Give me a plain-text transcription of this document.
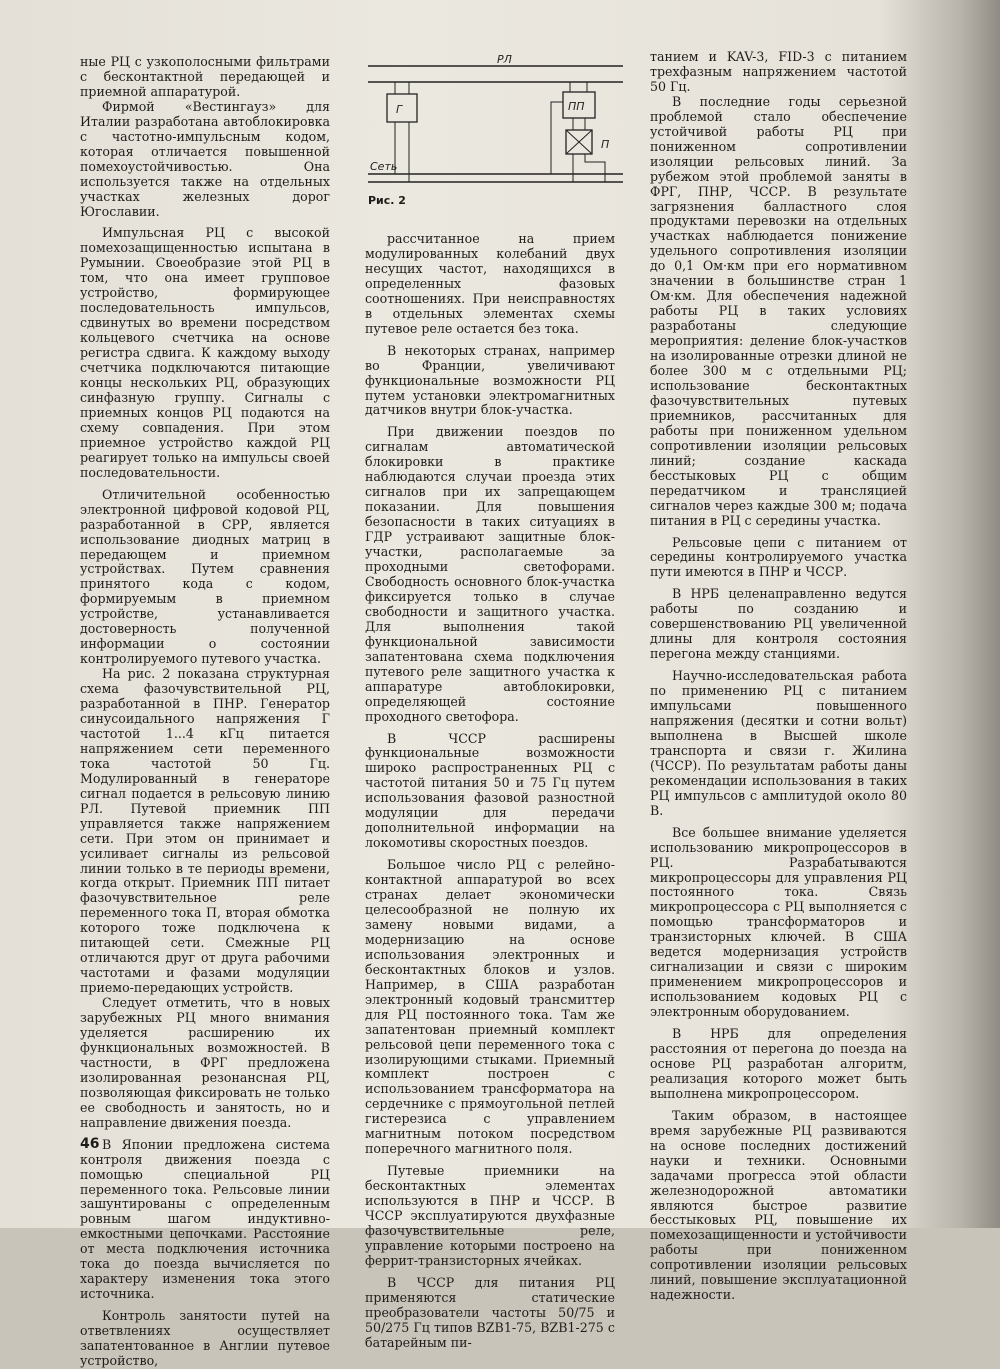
РЛ
Сеть
Г	ПП
П
Рис. 2

ные РЦ с узкополосными фильтрами с бесконтактной передающей и приемной аппаратурой.

Фирмой «Вестингауз» для Италии разработана автоблокировка с частотно-импульсным кодом, которая отличается повышенной помехоустойчивостью. Она используется также на отдельных участках железных дорог Югославии.

Импульсная РЦ с высокой помехозащищенностью испытана в Румынии. Своеобразие этой РЦ в том, что она имеет групповое устройство, формирующее последовательность импульсов, сдвинутых во времени посредством кольцевого счетчика на основе регистра сдвига. К каждому выходу счетчика подключаются питающие концы нескольких РЦ, образующих синфазную группу. Сигналы с приемных концов РЦ подаются на схему совпадения. При этом приемное устройство каждой РЦ реагирует только на импульсы своей последовательности.

Отличительной особенностью электронной цифровой кодовой РЦ, разработанной в СРР, является использование диодных матриц в передающем и приемном устройствах. Путем сравнения принятого кода с кодом, формируемым в приемном устройстве, устанавливается достоверность полученной информации о состоянии контролируемого путевого участка.

На рис. 2 показана структурная схема фазочувствительной РЦ, разработанной в ПНР. Генератор синусоидального напряжения Г частотой 1...4 кГц питается напряжением сети переменного тока частотой 50 Гц. Модулированный в генераторе сигнал подается в рельсовую линию РЛ. Путевой приемник ПП управляется также напряжением сети. При этом он принимает и усиливает сигналы из рельсовой линии только в те периоды времени, когда открыт. Приемник ПП питает фазочувствительное реле переменного тока П, вторая обмотка которого тоже подключена к питающей сети. Смежные РЦ отличаются друг от друга рабочими частотами и фазами модуляции приемо-передающих устройств.

Следует отметить, что в новых зарубежных РЦ много внимания уделяется расширению их функциональных возможностей. В частности, в ФРГ предложена изолированная резонансная РЦ, позволяющая фиксировать не только ее свободность и занятость, но и направление движения поезда.

В Японии предложена система контроля движения поезда с помощью специальной РЦ переменного тока. Рельсовые линии зашунтированы с определенным ровным шагом индуктивно-емкостными цепочками. Расстояние от места подключения источника тока до поезда вычисляется по характеру изменения тока этого источника.

Контроль занятости путей на ответвлениях осуществляет запатентованное в Англии путевое устройство,

рассчитанное на прием модулированных колебаний двух несущих частот, находящихся в определенных фазовых соотношениях. При неисправностях в отдельных элементах схемы путевое реле остается без тока.

В некоторых странах, например во Франции, увеличивают функциональные возможности РЦ путем установки электромагнитных датчиков внутри блок-участка.

При движении поездов по сигналам автоматической блокировки в практике наблюдаются случаи проезда этих сигналов при их запрещающем показании. Для повышения безопасности в таких ситуациях в ГДР устраивают защитные блок-участки, располагаемые за проходными светофорами. Свободность основного блок-участка фиксируется только в случае свободности и защитного участка. Для выполнения такой функциональной зависимости запатентована схема подключения путевого реле защитного участка к аппаратуре автоблокировки, определяющей состояние проходного светофора.

В ЧССР расширены функциональные возможности широко распространенных РЦ с частотой питания 50 и 75 Гц путем использования фазовой разностной модуляции для передачи дополнительной информации на локомотивы скоростных поездов.

Большое число РЦ с релейно-контактной аппаратурой во всех странах делает экономически целесообразной не полную их замену новыми видами, а модернизацию на основе использования электронных и бесконтактных блоков и узлов. Например, в США разработан электронный кодовый трансмиттер для РЦ постоянного тока. Там же запатентован приемный комплект рельсовой цепи переменного тока с изолирующими стыками. Приемный комплект построен с использованием трансформатора на сердечнике с прямоугольной петлей гистерезиса с управлением магнитным потоком посредством поперечного магнитного поля.

Путевые приемники на бесконтактных элементах используются в ПНР и ЧССР. В ЧССР эксплуатируются двухфазные фазочувствительные реле, управление которыми построено на феррит-транзисторных ячейках.

В ЧССР для питания РЦ применяются статические преобразователи частоты 50/75 и 50/275 Гц типов BZB1-75, BZB1-275 с батарейным пи-

танием и KAV-3, FID-3 с питанием трехфазным напряжением частотой 50 Гц.

В последние годы серьезной проблемой стало обеспечение устойчивой работы РЦ при пониженном сопротивлении изоляции рельсовых линий. За рубежом этой проблемой заняты в ФРГ, ПНР, ЧССР. В результате загрязнения балластного слоя продуктами перевозки на отдельных участках наблюдается понижение удельного сопротивления изоляции до 0,1 Ом·км при его нормативном значении в большинстве стран 1 Ом·км. Для обеспечения надежной работы РЦ в таких условиях разработаны следующие мероприятия: деление блок-участков на изолированные отрезки длиной не более 300 м с отдельными РЦ; использование бесконтактных фазочувствительных путевых приемников, рассчитанных для работы при пониженном удельном сопротивлении изоляции рельсовых линий; создание каскада бесстыковых РЦ с общим передатчиком и трансляцией сигналов через каждые 300 м; подача питания в РЦ с середины участка.

Рельсовые цепи с питанием от середины контролируемого участка пути имеются в ПНР и ЧССР.

В НРБ целенаправленно ведутся работы по созданию и совершенствованию РЦ увеличенной длины для контроля состояния перегона между станциями.

Научно-исследовательская работа по применению РЦ с питанием импульсами повышенного напряжения (десятки и сотни вольт) выполнена в Высшей школе транспорта и связи г. Жилина (ЧССР). По результатам работы даны рекомендации использования в таких РЦ импульсов с амплитудой около 80 В.

Все большее внимание уделяется использованию микропроцессоров в РЦ. Разрабатываются микропроцессоры для управления РЦ постоянного тока. Связь микропроцессора с РЦ выполняется с помощью трансформаторов и транзисторных ключей. В США ведется модернизация устройств сигнализации и связи с широким применением микропроцессоров и использованием кодовых РЦ с электронным оборудованием.

В НРБ для определения расстояния от перегона до поезда на основе РЦ разработан алгоритм, реализация которого может быть выполнена микропроцессором.

Таким образом, в настоящее время зарубежные РЦ развиваются на основе последних достижений науки и техники. Основными задачами прогресса этой области железнодорожной автоматики являются быстрое развитие бесстыковых РЦ, повышение их помехозащищенности и устойчивости работы при пониженном сопротивлении изоляции рельсовых линий, повышение эксплуатационной надежности.

46
